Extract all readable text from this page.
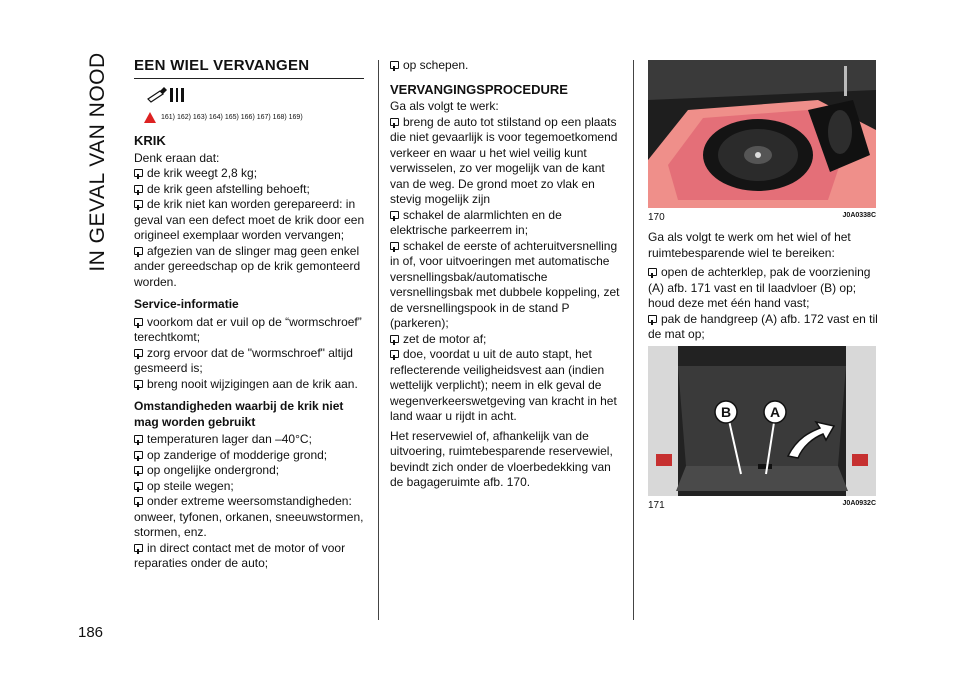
IN GEVAL VAN NOOD
186
EEN WIEL VERVANGEN
161) 162) 163) 164) 165) 166) 167) 168) 169)
KRIK

Denk eraan dat:

de krik weegt 2,8 kg;

de krik geen afstelling behoeft;

de krik niet kan worden gerepareerd: in geval van een defect moet de krik door een origineel exemplaar worden vervangen;

afgezien van de slinger mag geen enkel ander gereedschap op de krik gemonteerd worden.

Service-informatie

voorkom dat er vuil op de “wormschroef” terechtkomt;

zorg ervoor dat de "wormschroef" altijd gesmeerd is;

breng nooit wijzigingen aan de krik aan.

Omstandigheden waarbij de krik niet mag worden gebruikt

temperaturen lager dan –40°C;

op zanderige of modderige grond;

op ongelijke ondergrond;

op steile wegen;

onder extreme weersomstandigheden: onweer, tyfonen, orkanen, sneeuwstormen, stormen, enz.

in direct contact met de motor of voor reparaties onder de auto;

op schepen.

VERVANGINGSPROCEDURE

Ga als volgt te werk:

breng de auto tot stilstand op een plaats die niet gevaarlijk is voor tegemoetkomend verkeer en waar u het wiel veilig kunt verwisselen, zo ver mogelijk van de kant van de weg. De grond moet zo vlak en stevig mogelijk zijn

schakel de alarmlichten en de elektrische parkeerrem in;

schakel de eerste of achteruitversnelling in of, voor uitvoeringen met automatische versnellingsbak/automatische versnellingsbak met dubbele koppeling, zet de versnellingspook in de stand P (parkeren);

zet de motor af;

doe, voordat u uit de auto stapt, het reflecterende veiligheidsvest aan (indien wettelijk verplicht); neem in elk geval de wegenverkeerswetgeving van kracht in het land waar u rijdt in acht.

Het reservewiel of, afhankelijk van de uitvoering, ruimtebesparende reservewiel, bevindt zich onder de vloerbedekking van de bagageruimte afb. 170.

170	J0A0338C

Ga als volgt te werk om het wiel of het ruimtebesparende wiel te bereiken:

open de achterklep, pak de voorziening (A) afb. 171 vast en til laadvloer (B) op; houd deze met één hand vast;

pak de handgreep (A) afb. 172 vast en til de mat op;

B	A
171	J0A0932C
